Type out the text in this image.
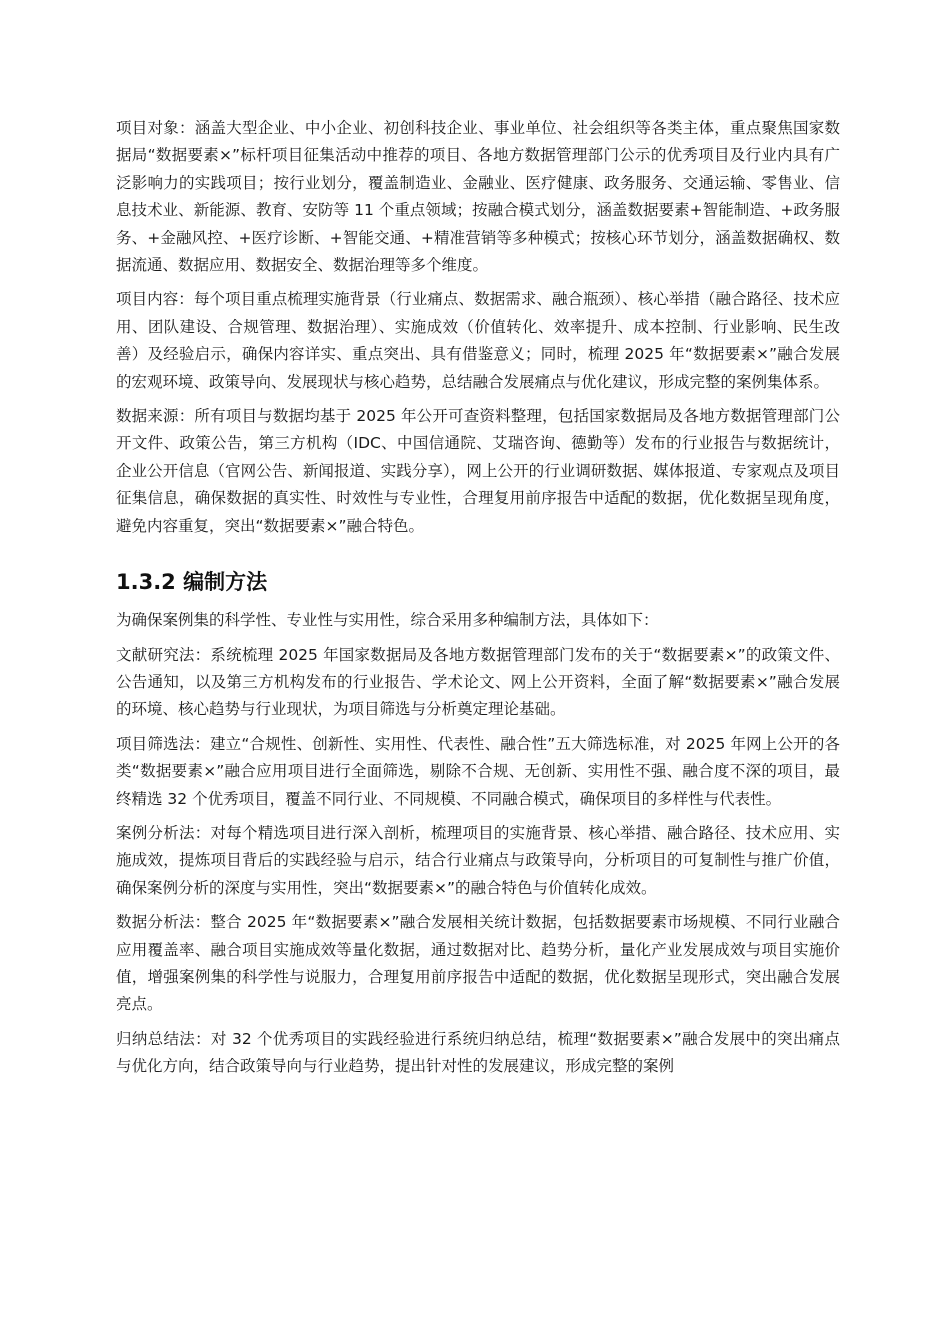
项目对象：涵盖大型企业、中小企业、初创科技企业、事业单位、社会组织等各类主体，重点聚焦国家数据局“数据要素×”标杆项目征集活动中推荐的项目、各地方数据管理部门公示的优秀项目及行业内具有广泛影响力的实践项目；按行业划分，覆盖制造业、金融业、医疗健康、政务服务、交通运输、零售业、信息技术业、新能源、教育、安防等 11 个重点领域；按融合模式划分，涵盖数据要素+智能制造、+政务服务、+金融风控、+医疗诊断、+智能交通、+精准营销等多种模式；按核心环节划分，涵盖数据确权、数据流通、数据应用、数据安全、数据治理等多个维度。

项目内容：每个项目重点梳理实施背景（行业痛点、数据需求、融合瓶颈）、核心举措（融合路径、技术应用、团队建设、合规管理、数据治理）、实施成效（价值转化、效率提升、成本控制、行业影响、民生改善）及经验启示，确保内容详实、重点突出、具有借鉴意义；同时，梳理 2025 年“数据要素×”融合发展的宏观环境、政策导向、发展现状与核心趋势，总结融合发展痛点与优化建议，形成完整的案例集体系。

数据来源：所有项目与数据均基于 2025 年公开可查资料整理，包括国家数据局及各地方数据管理部门公开文件、政策公告，第三方机构（IDC、中国信通院、艾瑞咨询、德勤等）发布的行业报告与数据统计，企业公开信息（官网公告、新闻报道、实践分享），网上公开的行业调研数据、媒体报道、专家观点及项目征集信息，确保数据的真实性、时效性与专业性，合理复用前序报告中适配的数据，优化数据呈现角度，避免内容重复，突出“数据要素×”融合特色。

1.3.2 编制方法

为确保案例集的科学性、专业性与实用性，综合采用多种编制方法，具体如下：

文献研究法：系统梳理 2025 年国家数据局及各地方数据管理部门发布的关于“数据要素×”的政策文件、公告通知，以及第三方机构发布的行业报告、学术论文、网上公开资料，全面了解“数据要素×”融合发展的环境、核心趋势与行业现状，为项目筛选与分析奠定理论基础。

项目筛选法：建立“合规性、创新性、实用性、代表性、融合性”五大筛选标准，对 2025 年网上公开的各类“数据要素×”融合应用项目进行全面筛选，剔除不合规、无创新、实用性不强、融合度不深的项目，最终精选 32 个优秀项目，覆盖不同行业、不同规模、不同融合模式，确保项目的多样性与代表性。

案例分析法：对每个精选项目进行深入剖析，梳理项目的实施背景、核心举措、融合路径、技术应用、实施成效，提炼项目背后的实践经验与启示，结合行业痛点与政策导向，分析项目的可复制性与推广价值，确保案例分析的深度与实用性，突出“数据要素×”的融合特色与价值转化成效。

数据分析法：整合 2025 年“数据要素×”融合发展相关统计数据，包括数据要素市场规模、不同行业融合应用覆盖率、融合项目实施成效等量化数据，通过数据对比、趋势分析，量化产业发展成效与项目实施价值，增强案例集的科学性与说服力，合理复用前序报告中适配的数据，优化数据呈现形式，突出融合发展亮点。

归纳总结法：对 32 个优秀项目的实践经验进行系统归纳总结，梳理“数据要素×”融合发展中的突出痛点与优化方向，结合政策导向与行业趋势，提出针对性的发展建议，形成完整的案例
